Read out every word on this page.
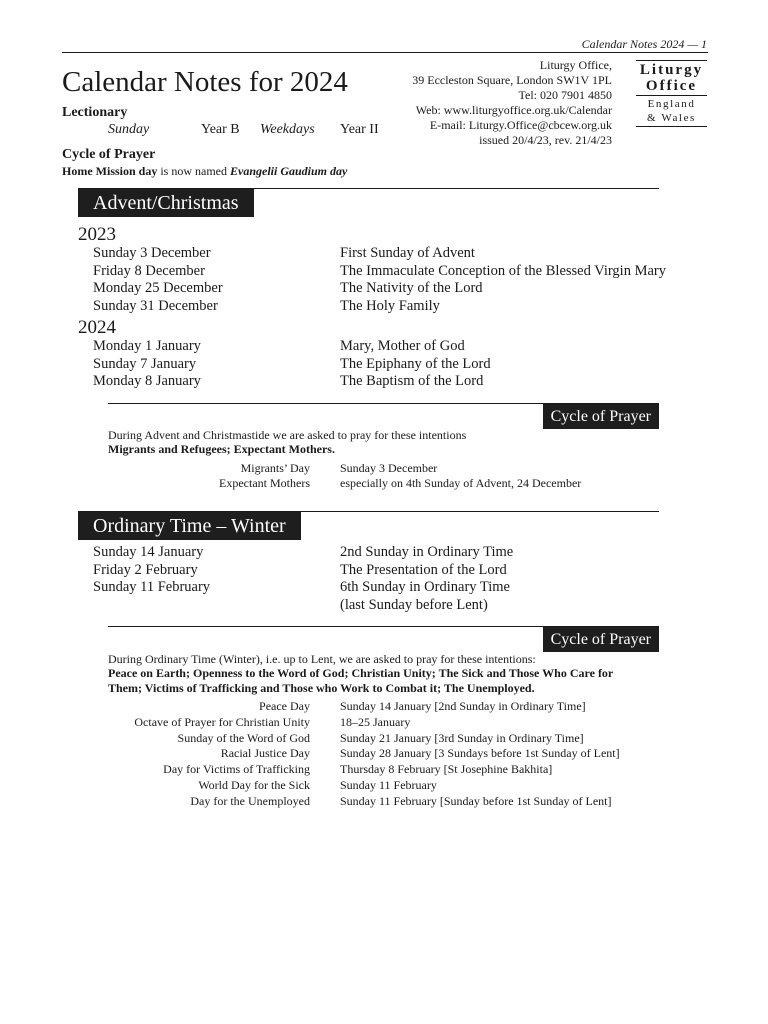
Calendar Notes 2024 — 1
Calendar Notes for 2024
Liturgy Office,
39 Eccleston Square, London SW1V 1PL
Tel: 020 7901 4850
Web: www.liturgyoffice.org.uk/Calendar
E-mail: Liturgy.Office@cbcew.org.uk
issued 20/4/23, rev. 21/4/23
Liturgy
Office
England
& Wales
Lectionary
Sunday	Year B Weekdays Year II
Cycle of Prayer
Home Mission day is now named Evangelii Gaudium day
Advent/Christmas
2023
Sunday 3 December
Friday 8 December
Monday 25 December
Sunday 31 December
First Sunday of Advent
The Immaculate Conception of the Blessed Virgin Mary
The Nativity of the Lord
The Holy Family
2024
Monday 1 January
Sunday 7 January
Monday 8 January
Mary, Mother of God
The Epiphany of the Lord
The Baptism of the Lord
Cycle of Prayer
During Advent and Christmastide we are asked to pray for these intentions
Migrants and Refugees; Expectant Mothers.
Migrants’ Day
Expectant Mothers
Sunday 3 December
especially on 4th Sunday of Advent, 24 December
Ordinary Time – Winter
Sunday 14 January
Friday 2 February
Sunday 11 February
2nd Sunday in Ordinary Time
The Presentation of the Lord
6th Sunday in Ordinary Time
(last Sunday before Lent)
Cycle of Prayer
During Ordinary Time (Winter), i.e. up to Lent, we are asked to pray for these intentions:
Peace on Earth; Openness to the Word of God; Christian Unity; The Sick and Those Who Care for
Them; Victims of Trafficking and Those who Work to Combat it; The Unemployed.
Peace Day
Octave of Prayer for Christian Unity
Sunday of the Word of God
Racial Justice Day
Day for Victims of Trafficking
World Day for the Sick
Day for the Unemployed
Sunday 14 January [2nd Sunday in Ordinary Time]
18–25 January
Sunday 21 January [3rd Sunday in Ordinary Time]
Sunday 28 January [3 Sundays before 1st Sunday of Lent]
Thursday 8 February [St Josephine Bakhita]
Sunday 11 February
Sunday 11 February [Sunday before 1st Sunday of Lent]
